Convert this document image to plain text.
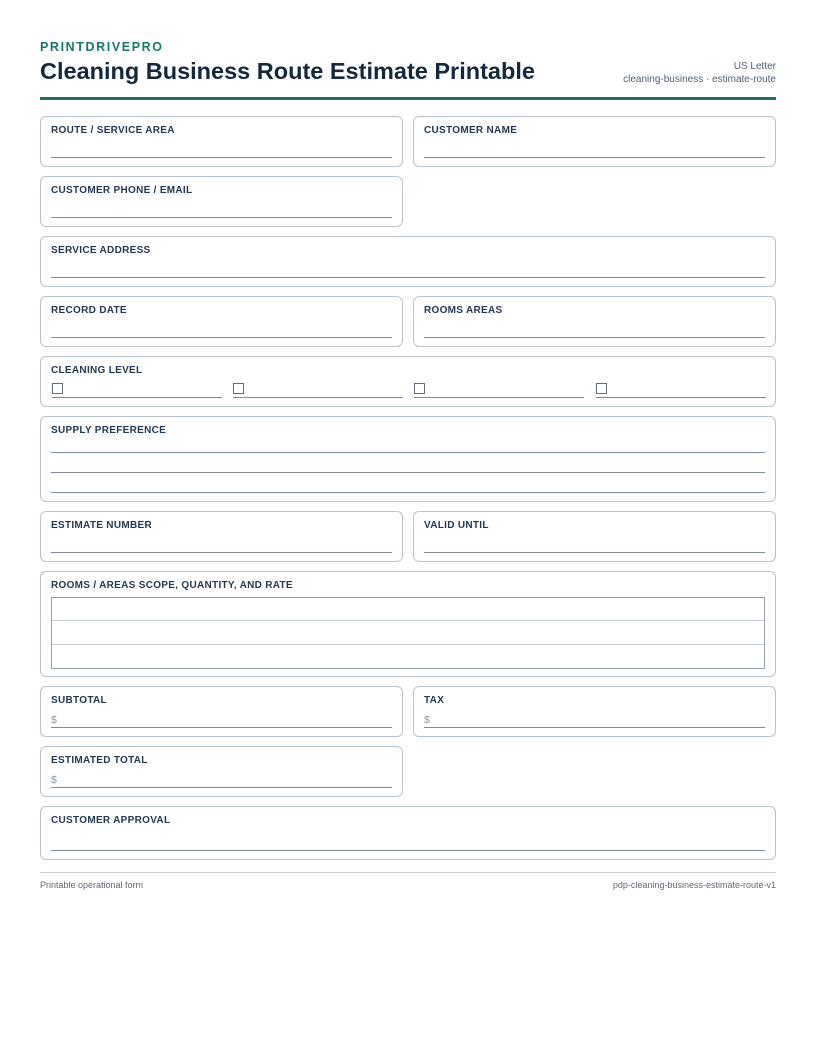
PRINTDRIVEPRO
Cleaning Business Route Estimate Printable	US Letter
cleaning-business · estimate-route
ROUTE / SERVICE AREA	CUSTOMER NAME
CUSTOMER PHONE / EMAIL
SERVICE ADDRESS
RECORD DATE	ROOMS AREAS
CLEANING LEVEL
SUPPLY PREFERENCE
ESTIMATE NUMBER	VALID UNTIL
ROOMS / AREAS SCOPE, QUANTITY, AND RATE
SUBTOTAL
$
TAX
$
ESTIMATED TOTAL
$
CUSTOMER APPROVAL
Printable operational form	pdp-cleaning-business-estimate-route-v1
